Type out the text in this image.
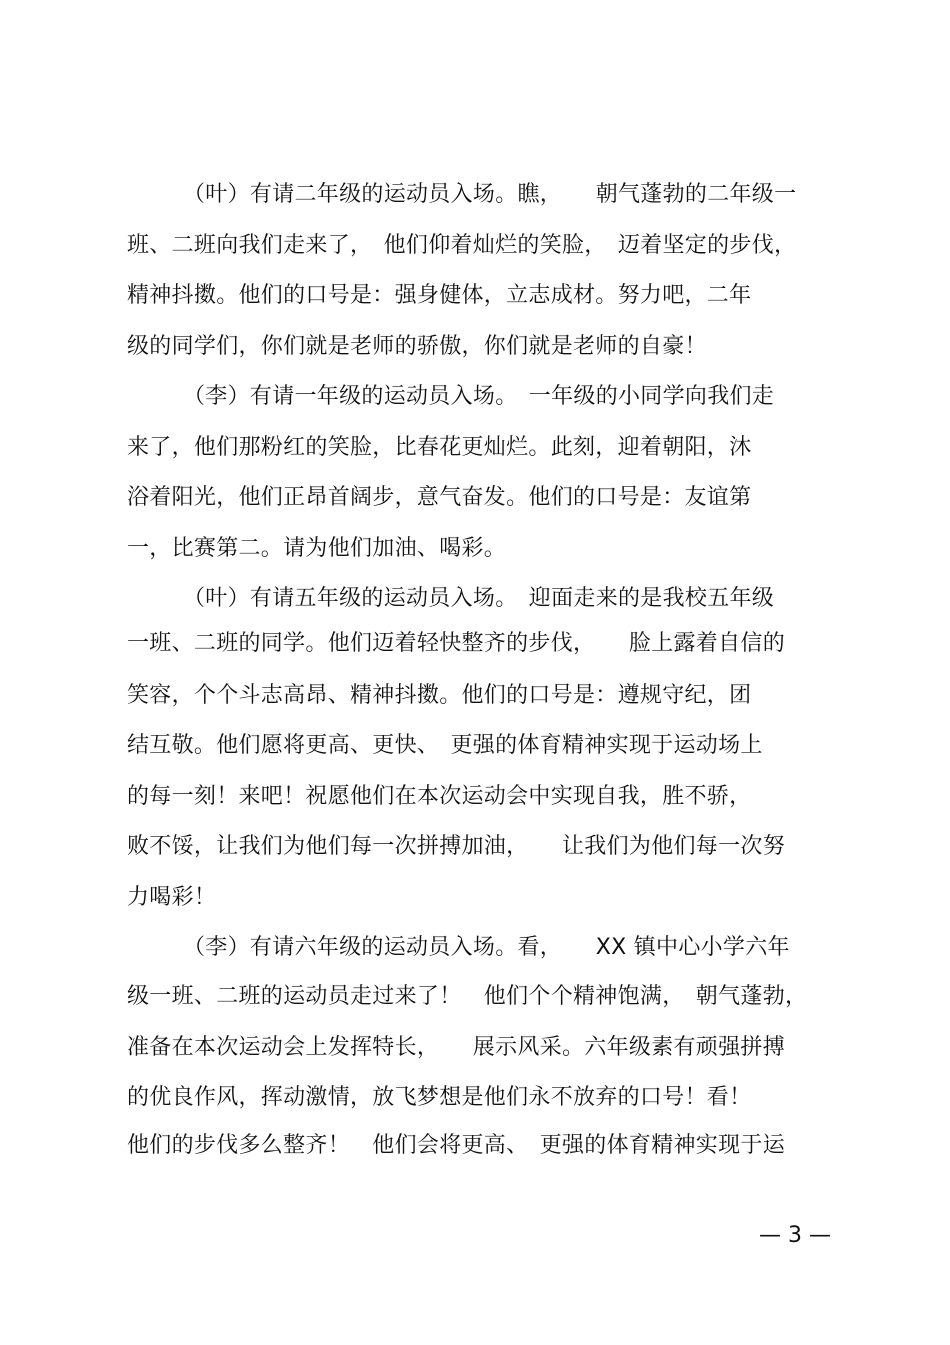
（叶）有请二年级的运动员入场。瞧，　　朝气蓬勃的二年级一
班、二班向我们走来了，　他们仰着灿烂的笑脸，　迈着坚定的步伐，
精神抖擞。他们的口号是：强身健体，立志成材。努力吧，二年
级的同学们，你们就是老师的骄傲，你们就是老师的自豪！
（李）有请一年级的运动员入场。　一年级的小同学向我们走
来了，他们那粉红的笑脸，比春花更灿烂。此刻，迎着朝阳，沐
浴着阳光，他们正昂首阔步，意气奋发。他们的口号是：友谊第
一，比赛第二。请为他们加油、喝彩。
（叶）有请五年级的运动员入场。　迎面走来的是我校五年级
一班、二班的同学。他们迈着轻快整齐的步伐，　　脸上露着自信的
笑容，个个斗志高昂、精神抖擞。他们的口号是：遵规守纪，团
结互敬。他们愿将更高、更快、　更强的体育精神实现于运动场上
的每一刻！来吧！祝愿他们在本次运动会中实现自我，胜不骄，
败不馁，让我们为他们每一次拼搏加油，　　让我们为他们每一次努
力喝彩！
（李）有请六年级的运动员入场。看，　　XX 镇中心小学六年
级一班、二班的运动员走过来了！　他们个个精神饱满，　朝气蓬勃，
准备在本次运动会上发挥特长，　　展示风采。六年级素有顽强拼搏
的优良作风，挥动激情，放飞梦想是他们永不放弃的口号！看！
他们的步伐多么整齐！　他们会将更高、　更强的体育精神实现于运
— 3 —
